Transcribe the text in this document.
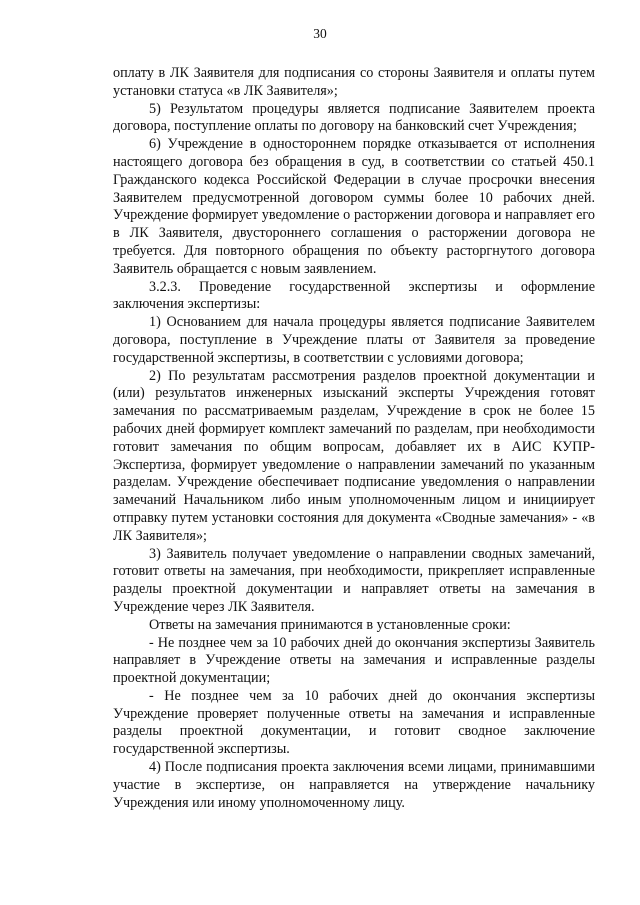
30

оплату в ЛК Заявителя для подписания со стороны Заявителя и оплаты путем установки статуса «в ЛК Заявителя»;

5) Результатом процедуры является подписание Заявителем проекта договора, поступление оплаты по договору на банковский счет Учреждения;

6) Учреждение в одностороннем порядке отказывается от исполнения настоящего договора без обращения в суд, в соответствии со статьей 450.1 Гражданского кодекса Российской Федерации в случае просрочки внесения Заявителем предусмотренной договором суммы более 10 рабочих дней. Учреждение формирует уведомление о расторжении договора и направляет его в ЛК Заявителя, двустороннего соглашения о расторжении договора не требуется. Для повторного обращения по объекту расторгнутого договора Заявитель обращается с новым заявлением.

3.2.3. Проведение государственной экспертизы и оформление заключения экспертизы:

1) Основанием для начала процедуры является подписание Заявителем договора, поступление в Учреждение платы от Заявителя за проведение государственной экспертизы, в соответствии с условиями договора;

2) По результатам рассмотрения разделов проектной документации и (или) результатов инженерных изысканий эксперты Учреждения готовят замечания по рассматриваемым разделам, Учреждение в срок не более 15 рабочих дней формирует комплект замечаний по разделам, при необходимости готовит замечания по общим вопросам, добавляет их в АИС КУПР-Экспертиза, формирует уведомление о направлении замечаний по указанным разделам. Учреждение обеспечивает подписание уведомления о направлении замечаний Начальником либо иным уполномоченным лицом и инициирует отправку путем установки состояния для документа «Сводные замечания» - «в ЛК Заявителя»;

3) Заявитель получает уведомление о направлении сводных замечаний, готовит ответы на замечания, при необходимости, прикрепляет исправленные разделы проектной документации и направляет ответы на замечания в Учреждение через ЛК Заявителя.

Ответы на замечания принимаются в установленные сроки:

- Не позднее чем за 10 рабочих дней до окончания экспертизы Заявитель направляет в Учреждение ответы на замечания и исправленные разделы проектной документации;

- Не позднее чем за 10 рабочих дней до окончания экспертизы Учреждение проверяет полученные ответы на замечания и исправленные разделы проектной документации, и готовит сводное заключение государственной экспертизы.

4) После подписания проекта заключения всеми лицами, принимавшими участие в экспертизе, он направляется на утверждение начальнику Учреждения или иному уполномоченному лицу.
